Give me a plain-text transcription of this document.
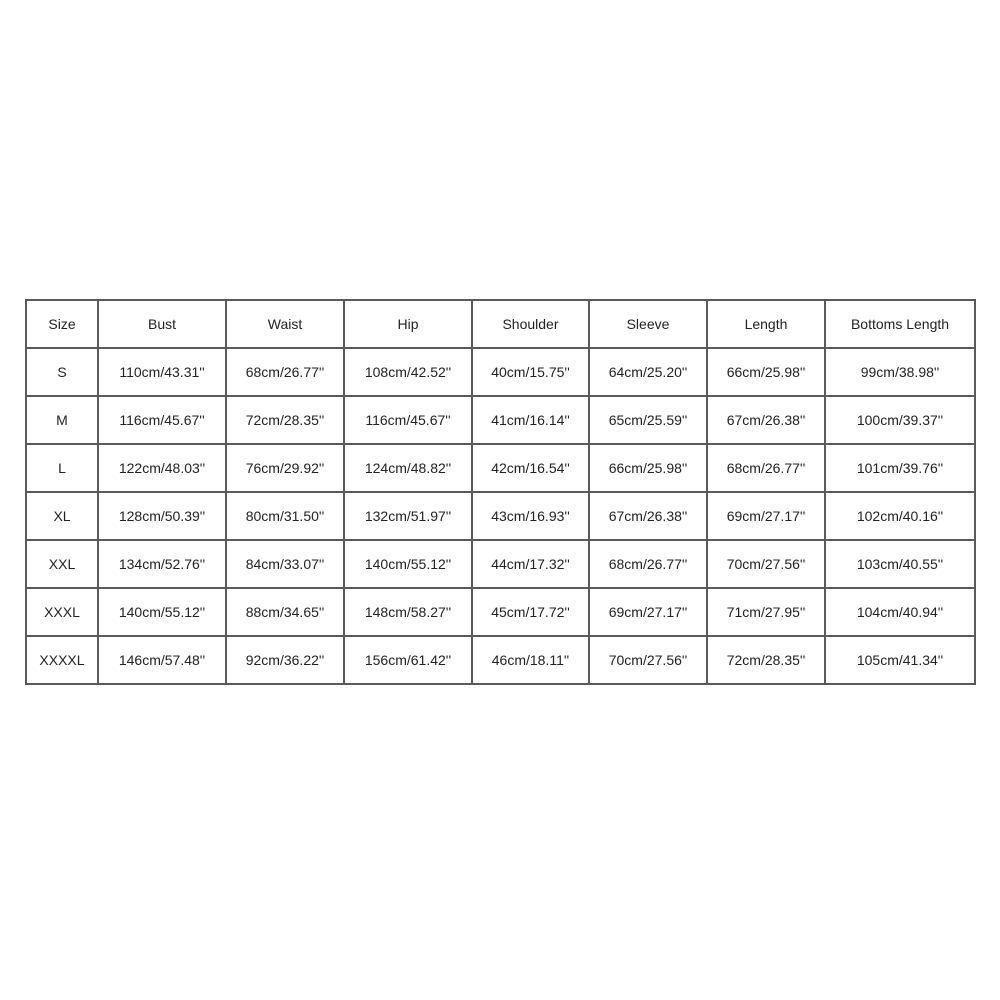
Size	Bust	Waist	Hip	Shoulder	Sleeve	Length	Bottoms Length
S	110cm/43.31''	68cm/26.77''	108cm/42.52''	40cm/15.75''	64cm/25.20''	66cm/25.98''	99cm/38.98''
M	116cm/45.67''	72cm/28.35''	116cm/45.67''	41cm/16.14''	65cm/25.59''	67cm/26.38''	100cm/39.37''
L	122cm/48.03''	76cm/29.92''	124cm/48.82''	42cm/16.54''	66cm/25.98''	68cm/26.77''	101cm/39.76''
XL	128cm/50.39''	80cm/31.50''	132cm/51.97''	43cm/16.93''	67cm/26.38''	69cm/27.17''	102cm/40.16''
XXL	134cm/52.76''	84cm/33.07''	140cm/55.12''	44cm/17.32''	68cm/26.77''	70cm/27.56''	103cm/40.55''
XXXL	140cm/55.12''	88cm/34.65''	148cm/58.27''	45cm/17.72''	69cm/27.17''	71cm/27.95''	104cm/40.94''
XXXXL	146cm/57.48''	92cm/36.22''	156cm/61.42''	46cm/18.11''	70cm/27.56''	72cm/28.35''	105cm/41.34''
